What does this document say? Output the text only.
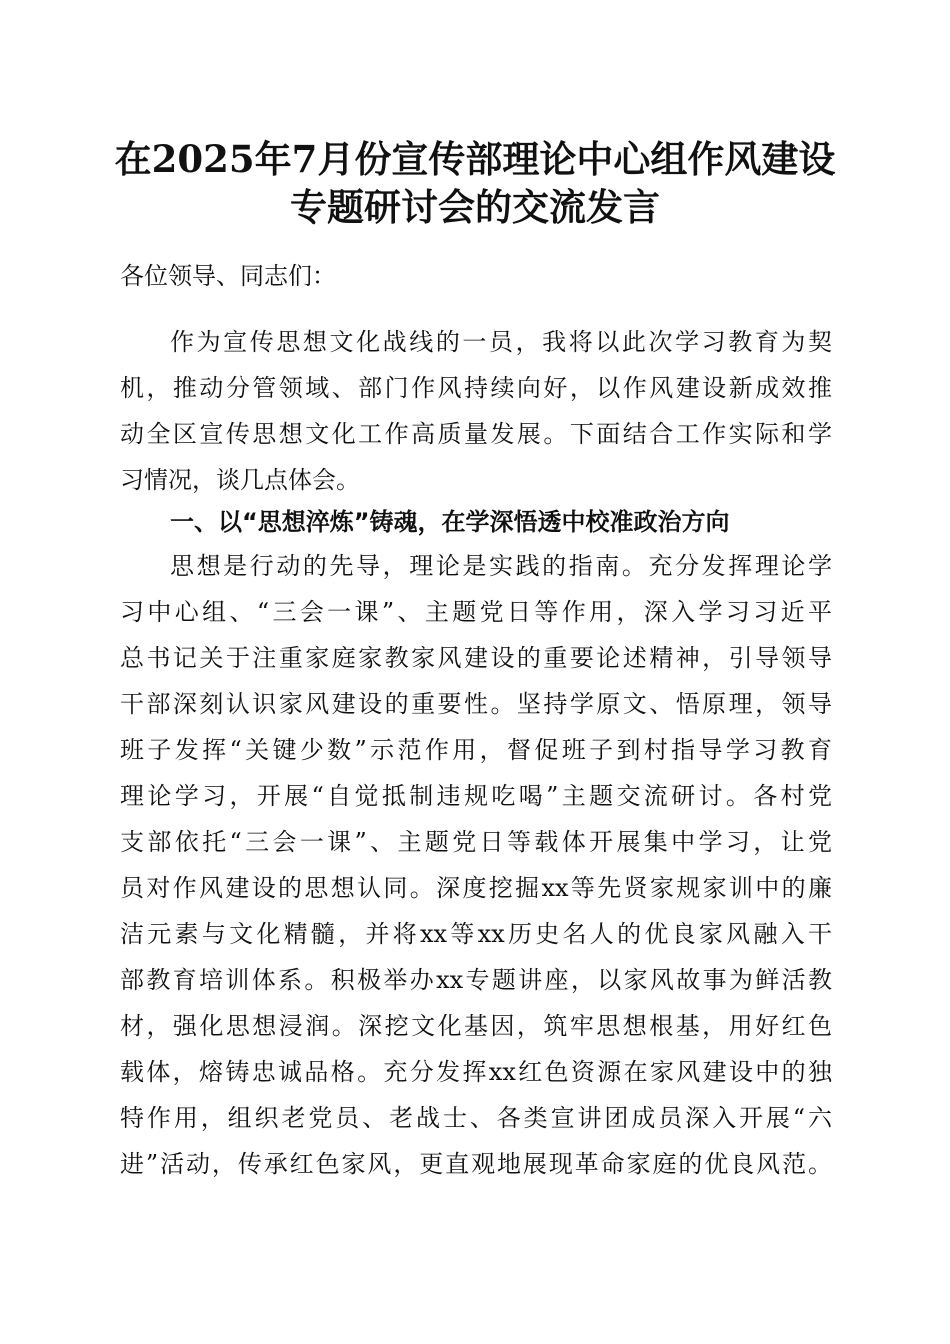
在2025年7月份宣传部理论中心组作风建设
专题研讨会的交流发言
各位领导、同志们：
作为宣传思想文化战线的一员，我将以此次学习教育为契
机，推动分管领域、部门作风持续向好，以作风建设新成效推
动全区宣传思想文化工作高质量发展。下面结合工作实际和学
习情况，谈几点体会。
一、以“思想淬炼”铸魂，在学深悟透中校准政治方向
思想是行动的先导，理论是实践的指南。充分发挥理论学
习中心组、“三会一课”、主题党日等作用，深入学习习近平
总书记关于注重家庭家教家风建设的重要论述精神，引导领导
干部深刻认识家风建设的重要性。坚持学原文、悟原理，领导
班子发挥“关键少数”示范作用，督促班子到村指导学习教育
理论学习，开展“自觉抵制违规吃喝”主题交流研讨。各村党
支部依托“三会一课”、主题党日等载体开展集中学习，让党
员对作风建设的思想认同。深度挖掘xx等先贤家规家训中的廉
洁元素与文化精髓，并将xx等xx历史名人的优良家风融入干
部教育培训体系。积极举办xx专题讲座，以家风故事为鲜活教
材，强化思想浸润。深挖文化基因，筑牢思想根基，用好红色
载体，熔铸忠诚品格。充分发挥xx红色资源在家风建设中的独
特作用，组织老党员、老战士、各类宣讲团成员深入开展“六
进”活动，传承红色家风，更直观地展现革命家庭的优良风范。
